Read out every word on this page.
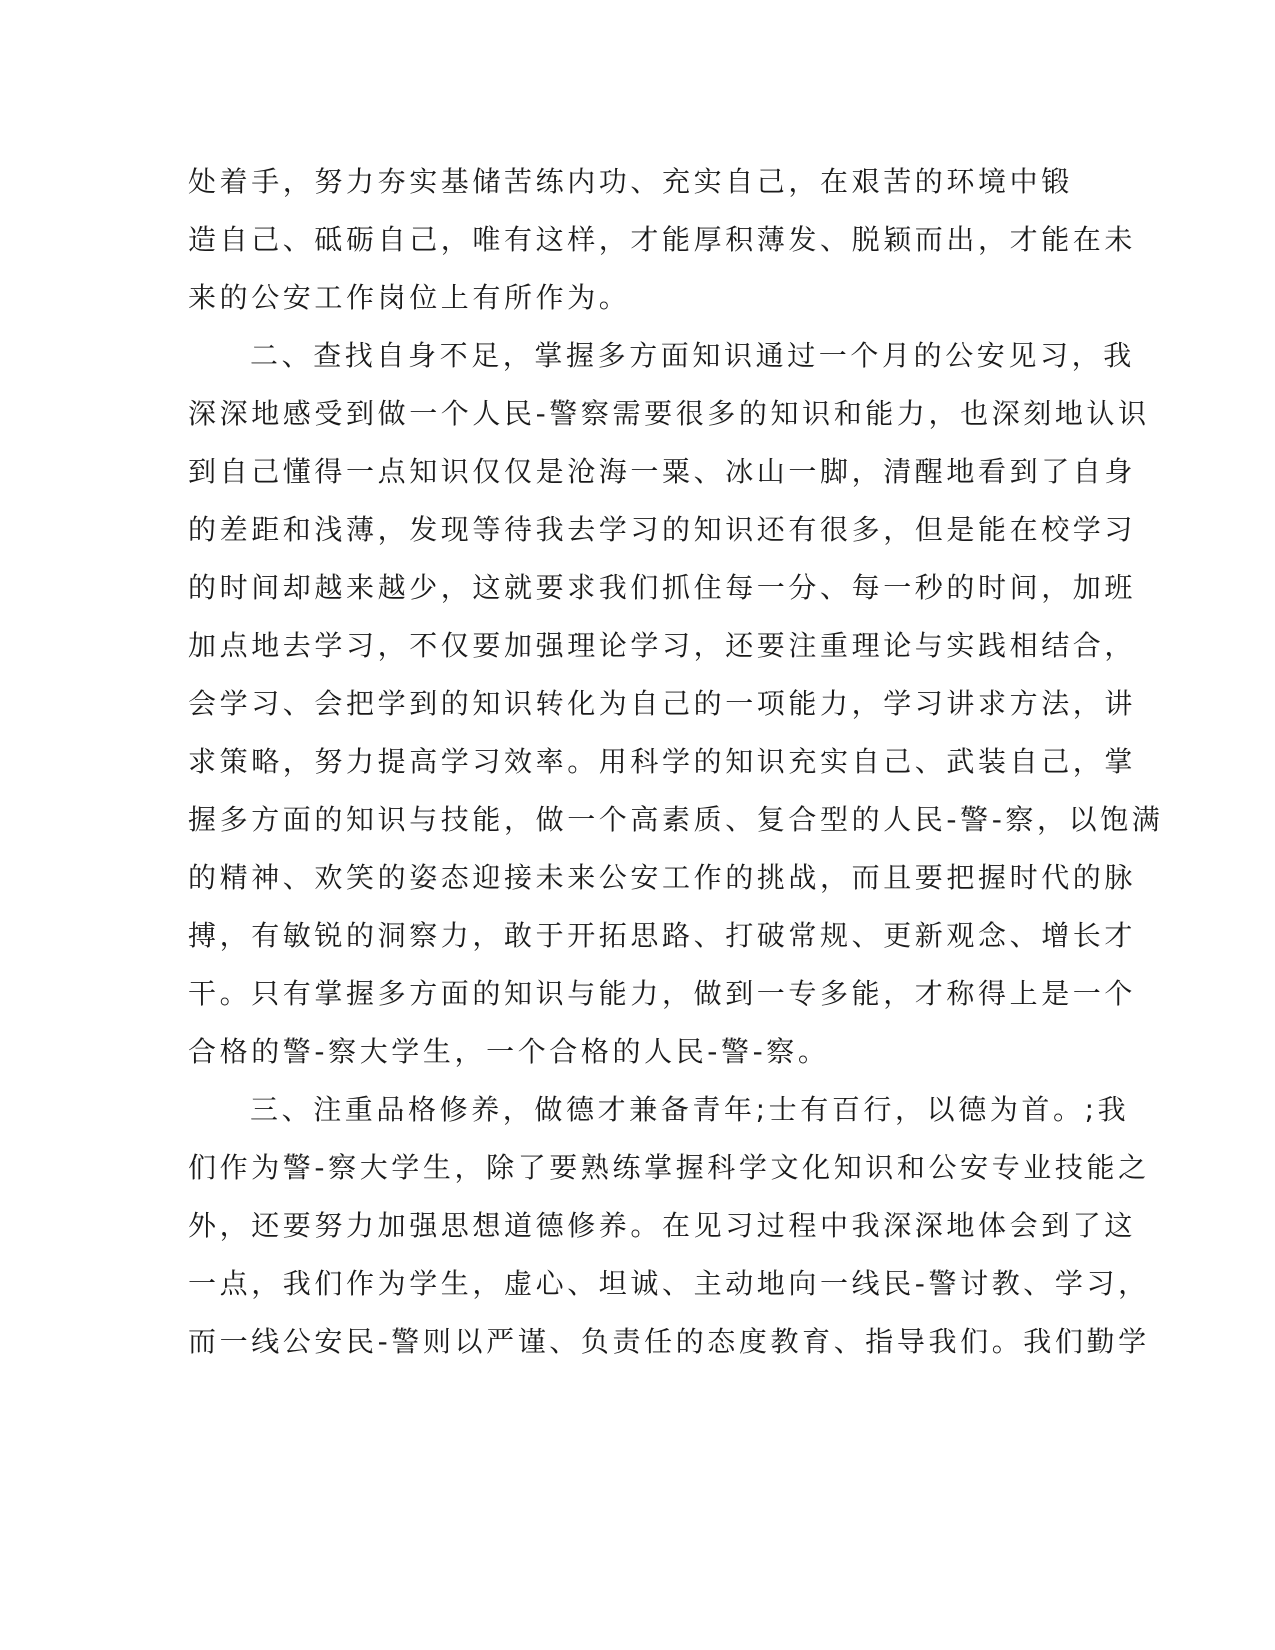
处着手，努力夯实基储苦练内功、充实自己，在艰苦的环境中锻
造自己、砥砺自己，唯有这样，才能厚积薄发、脱颖而出，才能在未
来的公安工作岗位上有所作为。
二、查找自身不足，掌握多方面知识通过一个月的公安见习，我
深深地感受到做一个人民-警察需要很多的知识和能力，也深刻地认识
到自己懂得一点知识仅仅是沧海一粟、冰山一脚，清醒地看到了自身
的差距和浅薄，发现等待我去学习的知识还有很多，但是能在校学习
的时间却越来越少，这就要求我们抓住每一分、每一秒的时间，加班
加点地去学习，不仅要加强理论学习，还要注重理论与实践相结合，
会学习、会把学到的知识转化为自己的一项能力，学习讲求方法，讲
求策略，努力提高学习效率。用科学的知识充实自己、武装自己，掌
握多方面的知识与技能，做一个高素质、复合型的人民-警-察，以饱满
的精神、欢笑的姿态迎接未来公安工作的挑战，而且要把握时代的脉
搏，有敏锐的洞察力，敢于开拓思路、打破常规、更新观念、增长才
干。只有掌握多方面的知识与能力，做到一专多能，才称得上是一个
合格的警-察大学生，一个合格的人民-警-察。
三、注重品格修养，做德才兼备青年;士有百行，以德为首。;我
们作为警-察大学生，除了要熟练掌握科学文化知识和公安专业技能之
外，还要努力加强思想道德修养。在见习过程中我深深地体会到了这
一点，我们作为学生，虚心、坦诚、主动地向一线民-警讨教、学习，
而一线公安民-警则以严谨、负责任的态度教育、指导我们。我们勤学
